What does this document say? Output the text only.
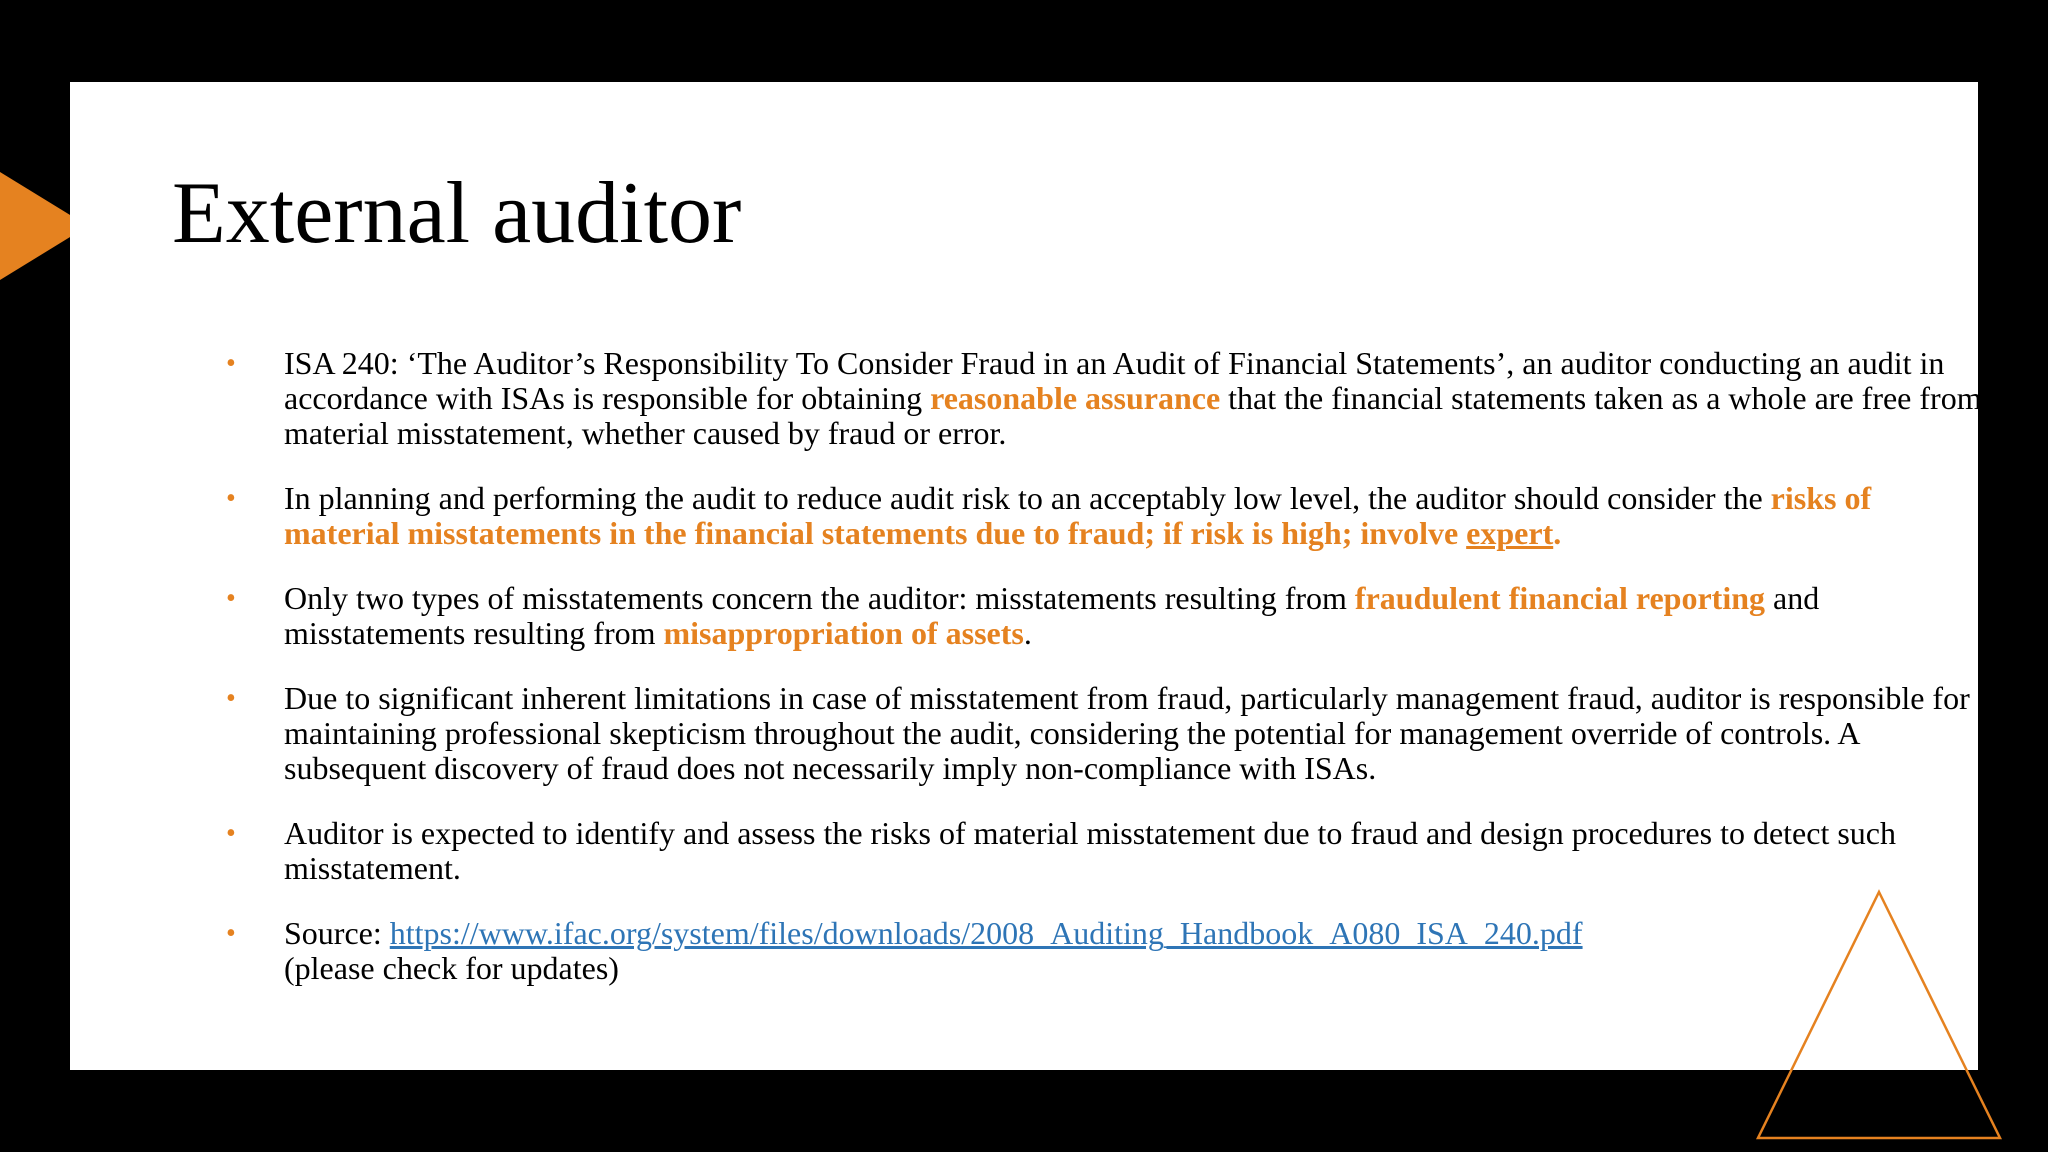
External auditor
• ISA 240: ‘The Auditor’s Responsibility To Consider Fraud in an Audit of Financial Statements’, an auditor conducting an audit in accordance with ISAs is responsible for obtaining reasonable assurance that the financial statements taken as a whole are free from material misstatement, whether caused by fraud or error.
• In planning and performing the audit to reduce audit risk to an acceptably low level, the auditor should consider the risks of material misstatements in the financial statements due to fraud; if risk is high; involve expert.
• Only two types of misstatements concern the auditor: misstatements resulting from fraudulent financial reporting and misstatements resulting from misappropriation of assets.
• Due to significant inherent limitations in case of misstatement from fraud, particularly management fraud, auditor is responsible for maintaining professional skepticism throughout the audit, considering the potential for management override of controls. A subsequent discovery of fraud does not necessarily imply non-compliance with ISAs.
• Auditor is expected to identify and assess the risks of material misstatement due to fraud and design procedures to detect such misstatement.
• Source: https://www.ifac.org/system/files/downloads/2008_Auditing_Handbook_A080_ISA_240.pdf
(please check for updates)
